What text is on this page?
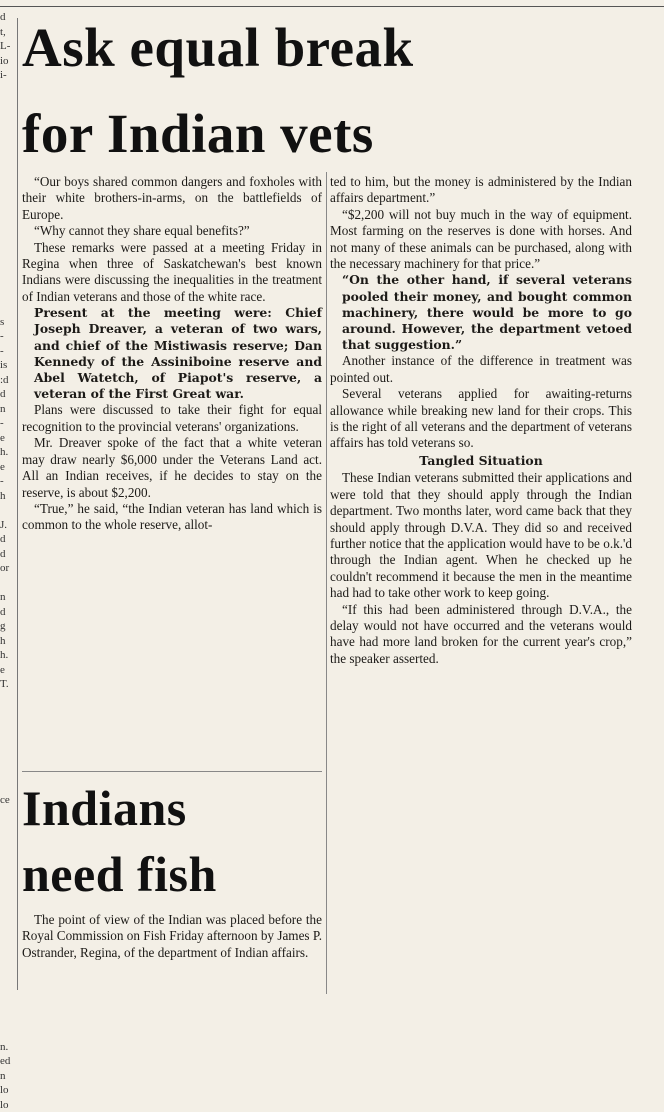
d
t,
L-
io
i-

s
-
-
is
:d
d
n
-
e
h.
e
-
h

J.
d
d
or

n
d
g
h
h.
e
T.

ce

n.
ed
n
lo
lo
Ask equal break
for Indian vets

“Our boys shared common dangers and foxholes with their white brothers-in-arms, on the battlefields of Europe.

“Why cannot they share equal benefits?”

These remarks were passed at a meeting Friday in Regina when three of Saskatchewan's best known Indians were discussing the inequalities in the treatment of Indian veterans and those of the white race.

Present at the meeting were: Chief Joseph Dreaver, a veteran of two wars, and chief of the Mistiwasis reserve; Dan Kennedy of the Assiniboine reserve and Abel Watetch, of Piapot's reserve, a veteran of the First Great war.

Plans were discussed to take their fight for equal recognition to the provincial veterans' organizations.

Mr. Dreaver spoke of the fact that a white veteran may draw nearly $6,000 under the Veterans Land act. All an Indian receives, if he decides to stay on the reserve, is about $2,200.

“True,” he said, “the Indian veteran has land which is common to the whole reserve, allot-

ted to him, but the money is administered by the Indian affairs department.”

“$2,200 will not buy much in the way of equipment. Most farming on the reserves is done with horses. And not many of these animals can be purchased, along with the necessary machinery for that price.”

“On the other hand, if several veterans pooled their money, and bought common machinery, there would be more to go around. However, the department vetoed that suggestion.”

Another instance of the difference in treatment was pointed out.

Several veterans applied for awaiting-returns allowance while breaking new land for their crops. This is the right of all veterans and the department of veterans affairs has told veterans so.

Tangled Situation

These Indian veterans submitted their applications and were told that they should apply through the Indian department. Two months later, word came back that they should apply through D.V.A. They did so and received further notice that the application would have to be o.k.'d through the Indian agent. When he checked up he couldn't recommend it because the men in the meantime had had to take other work to keep going.

“If this had been administered through D.V.A., the delay would not have occurred and the veterans would have had more land broken for the current year's crop,” the speaker asserted.

Indians
need fish

The point of view of the Indian was placed before the Royal Commission on Fish Friday afternoon by James P. Ostrander, Regina, of the department of Indian affairs.
